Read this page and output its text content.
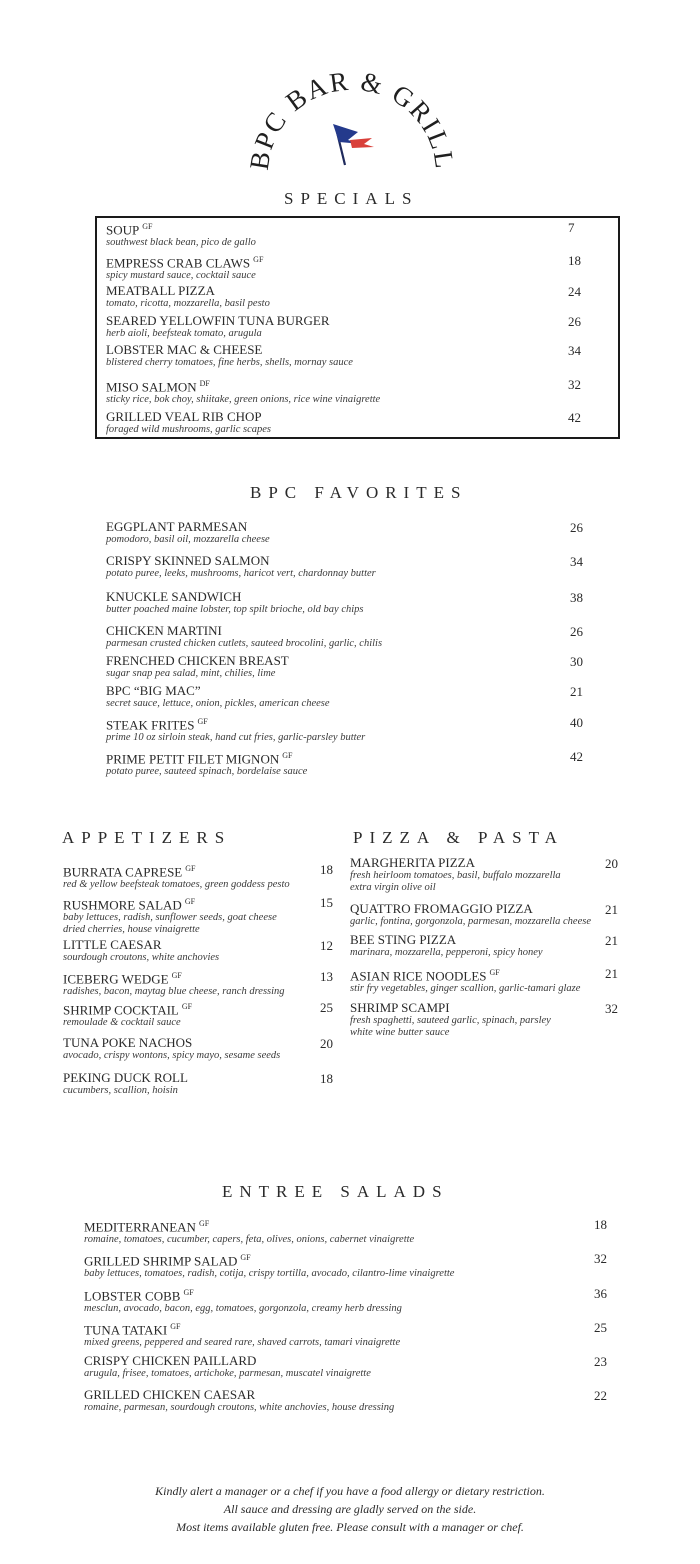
BPC BAR & GRILL
SPECIALS
SOUP $^{GF}$
southwest black bean, pico de gallo
7
EMPRESS CRAB CLAWS $^{GF}$
spicy mustard sauce, cocktail sauce
18
MEATBALL PIZZA
tomato, ricotta, mozzarella, basil pesto
24
SEARED YELLOWFIN TUNA BURGER
herb aioli, beefsteak tomato, arugula
26
LOBSTER MAC & CHEESE
blistered cherry tomatoes, fine herbs, shells, mornay sauce
34
MISO SALMON $^{DF}$
sticky rice, bok choy, shiitake, green onions, rice wine vinaigrette
32
GRILLED VEAL RIB CHOP
foraged wild mushrooms, garlic scapes
42
BPC FAVORITES
EGGPLANT PARMESAN
pomodoro, basil oil, mozzarella cheese
26
CRISPY SKINNED SALMON
potato puree, leeks, mushrooms, haricot vert, chardonnay butter
34
KNUCKLE SANDWICH
butter poached maine lobster, top spilt brioche, old bay chips
38
CHICKEN MARTINI
parmesan crusted chicken cutlets, sauteed brocolini, garlic, chilis
26
FRENCHED CHICKEN BREAST
sugar snap pea salad, mint, chilies, lime
30
BPC “BIG MAC”
secret sauce, lettuce, onion, pickles, american cheese
21
STEAK FRITES $^{GF}$
prime 10 oz sirloin steak, hand cut fries, garlic-parsley butter
40
PRIME PETIT FILET MIGNON $^{GF}$
potato puree, sauteed spinach, bordelaise sauce
42
APPETIZERS
BURRATA CAPRESE $^{GF}$
red & yellow beefsteak tomatoes, green goddess pesto
18
RUSHMORE SALAD $^{GF}$
baby lettuces, radish, sunflower seeds, goat cheese
dried cherries, house vinaigrette
15
LITTLE CAESAR
sourdough croutons, white anchovies
12
ICEBERG WEDGE $^{GF}$
radishes, bacon, maytag blue cheese, ranch dressing
13
SHRIMP COCKTAIL $^{GF}$
remoulade & cocktail sauce
25
TUNA POKE NACHOS
avocado, crispy wontons, spicy mayo, sesame seeds
20
PEKING DUCK ROLL
cucumbers, scallion, hoisin
18
PIZZA & PASTA
MARGHERITA PIZZA
fresh heirloom tomatoes, basil, buffalo mozzarella
extra virgin olive oil
20
QUATTRO FROMAGGIO PIZZA
garlic, fontina, gorgonzola, parmesan, mozzarella cheese
21
BEE STING PIZZA
marinara, mozzarella, pepperoni, spicy honey
21
ASIAN RICE NOODLES $^{GF}$
stir fry vegetables, ginger scallion, garlic-tamari glaze
21
SHRIMP SCAMPI
fresh spaghetti, sauteed garlic, spinach, parsley
white wine butter sauce
32
ENTREE SALADS
MEDITERRANEAN $^{GF}$
romaine, tomatoes, cucumber, capers, feta, olives, onions, cabernet vinaigrette
18
GRILLED SHRIMP SALAD $^{GF}$
baby lettuces, tomatoes, radish, cotija, crispy tortilla, avocado, cilantro-lime vinaigrette
32
LOBSTER COBB $^{GF}$
mesclun, avocado, bacon, egg, tomatoes, gorgonzola, creamy herb dressing
36
TUNA TATAKI $^{GF}$
mixed greens, peppered and seared rare, shaved carrots, tamari vinaigrette
25
CRISPY CHICKEN PAILLARD
arugula, frisee, tomatoes, artichoke, parmesan, muscatel vinaigrette
23
GRILLED CHICKEN CAESAR
romaine, parmesan, sourdough croutons, white anchovies, house dressing
22
Kindly alert a manager or a chef if you have a food allergy or dietary restriction.
All sauce and dressing are gladly served on the side.
Most items available gluten free. Please consult with a manager or chef.
